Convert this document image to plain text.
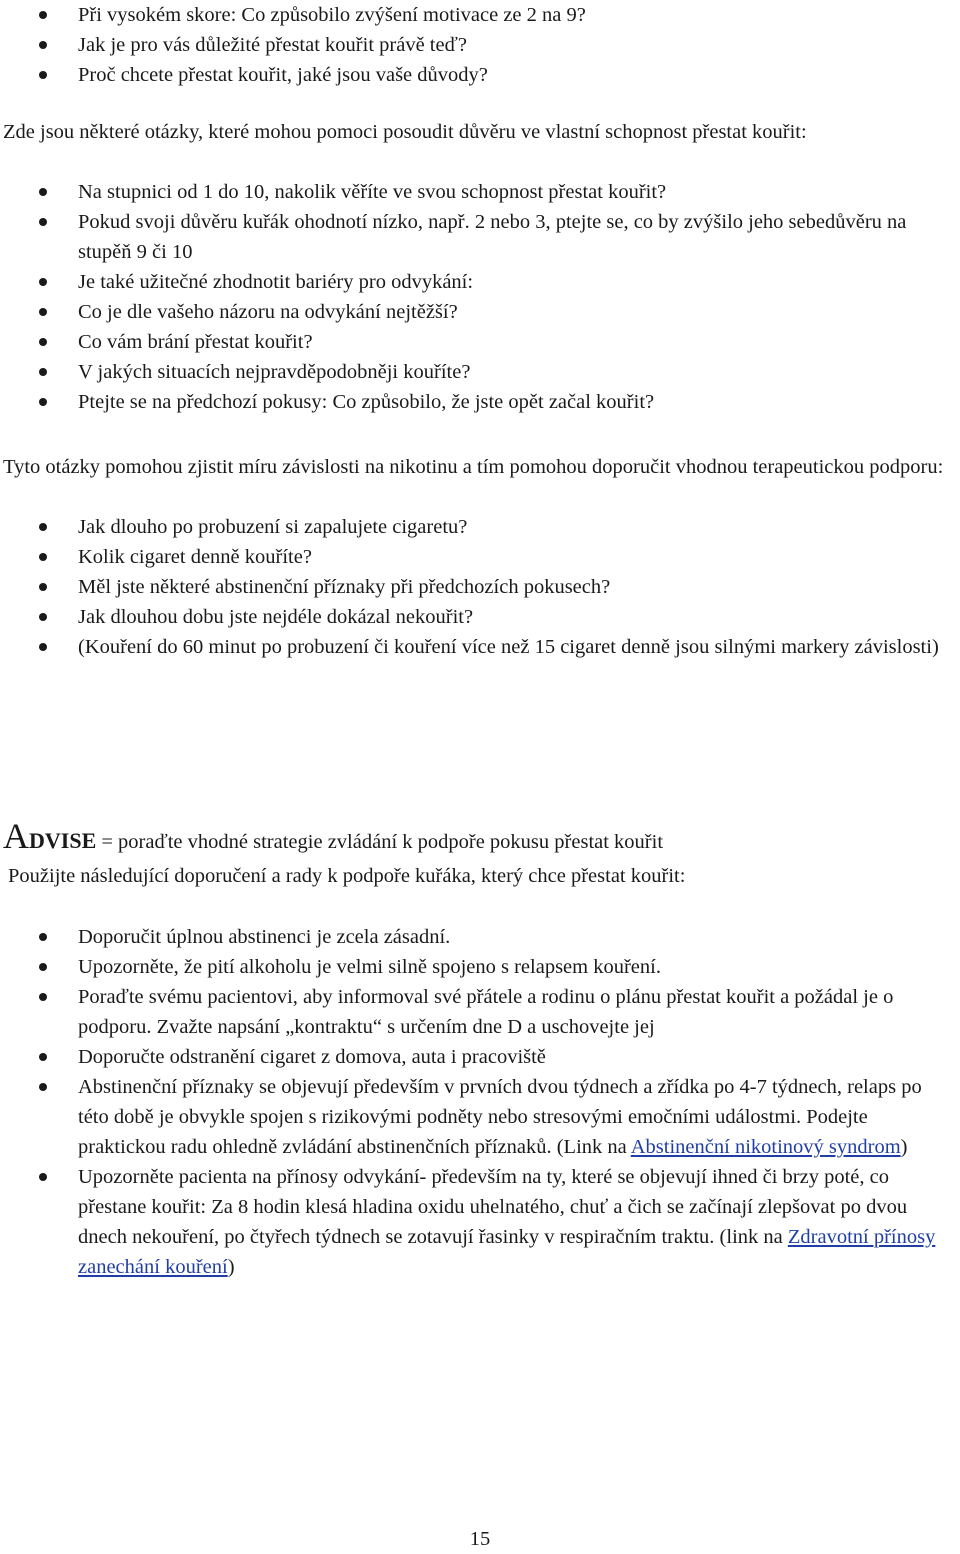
Při vysokém skore: Co způsobilo zvýšení motivace ze 2 na 9?
Jak je pro vás důležité přestat kouřit právě teď?
Proč chcete přestat kouřit, jaké jsou vaše důvody?
Zde jsou některé otázky, které mohou pomoci posoudit důvěru ve vlastní schopnost přestat kouřit:
Na stupnici od 1 do 10, nakolik věříte ve svou schopnost přestat kouřit?
Pokud svoji důvěru kuřák ohodnotí nízko, např. 2 nebo 3, ptejte se, co by zvýšilo jeho sebedůvěru na stupěň 9 či 10
Je také užitečné zhodnotit bariéry pro odvykání:
Co je dle vašeho názoru na odvykání nejtěžší?
Co vám brání přestat kouřit?
V jakých situacích nejpravděpodobněji kouříte?
Ptejte se na předchozí pokusy: Co způsobilo, že jste opět začal kouřit?
Tyto otázky pomohou zjistit míru závislosti na nikotinu a tím pomohou doporučit vhodnou terapeutickou podporu:
Jak dlouho po probuzení si zapalujete cigaretu?
Kolik cigaret denně kouříte?
Měl jste některé abstinenční příznaky při předchozích pokusech?
Jak dlouhou dobu jste nejdéle dokázal nekouřit?
(Kouření do 60 minut po probuzení či kouření více než 15 cigaret denně jsou silnými markery závislosti)
ADVISE = poraďte vhodné strategie zvládání k podpoře pokusu přestat kouřit
Použijte následující doporučení a rady k podpoře kuřáka, který chce přestat kouřit:
Doporučit úplnou abstinenci je zcela zásadní.
Upozorněte, že pití alkoholu je velmi silně spojeno s relapsem kouření.
Poraďte svému pacientovi, aby informoval své přátele a rodinu o plánu přestat kouřit a požádal je o podporu. Zvažte napsání „kontraktu“ s určením dne D a uschovejte jej
Doporučte odstranění cigaret z domova, auta i pracoviště
Abstinenční příznaky se objevují především v prvních dvou týdnech a zřídka po 4-7 týdnech, relaps po této době je obvykle spojen s rizikovými podněty nebo stresovými emočními událostmi. Podejte praktickou radu ohledně zvládání abstinenčních příznaků. (Link na Abstinenční nikotinový syndrom)
Upozorněte pacienta na přínosy odvykání- především na ty, které se objevují ihned či brzy poté, co přestane kouřit: Za 8 hodin klesá hladina oxidu uhelnatého, chuť a čich se začínají zlepšovat po dvou dnech nekouření, po čtyřech týdnech se zotavují řasinky v respiračním traktu. (link na Zdravotní přínosy zanechání kouření)
15
